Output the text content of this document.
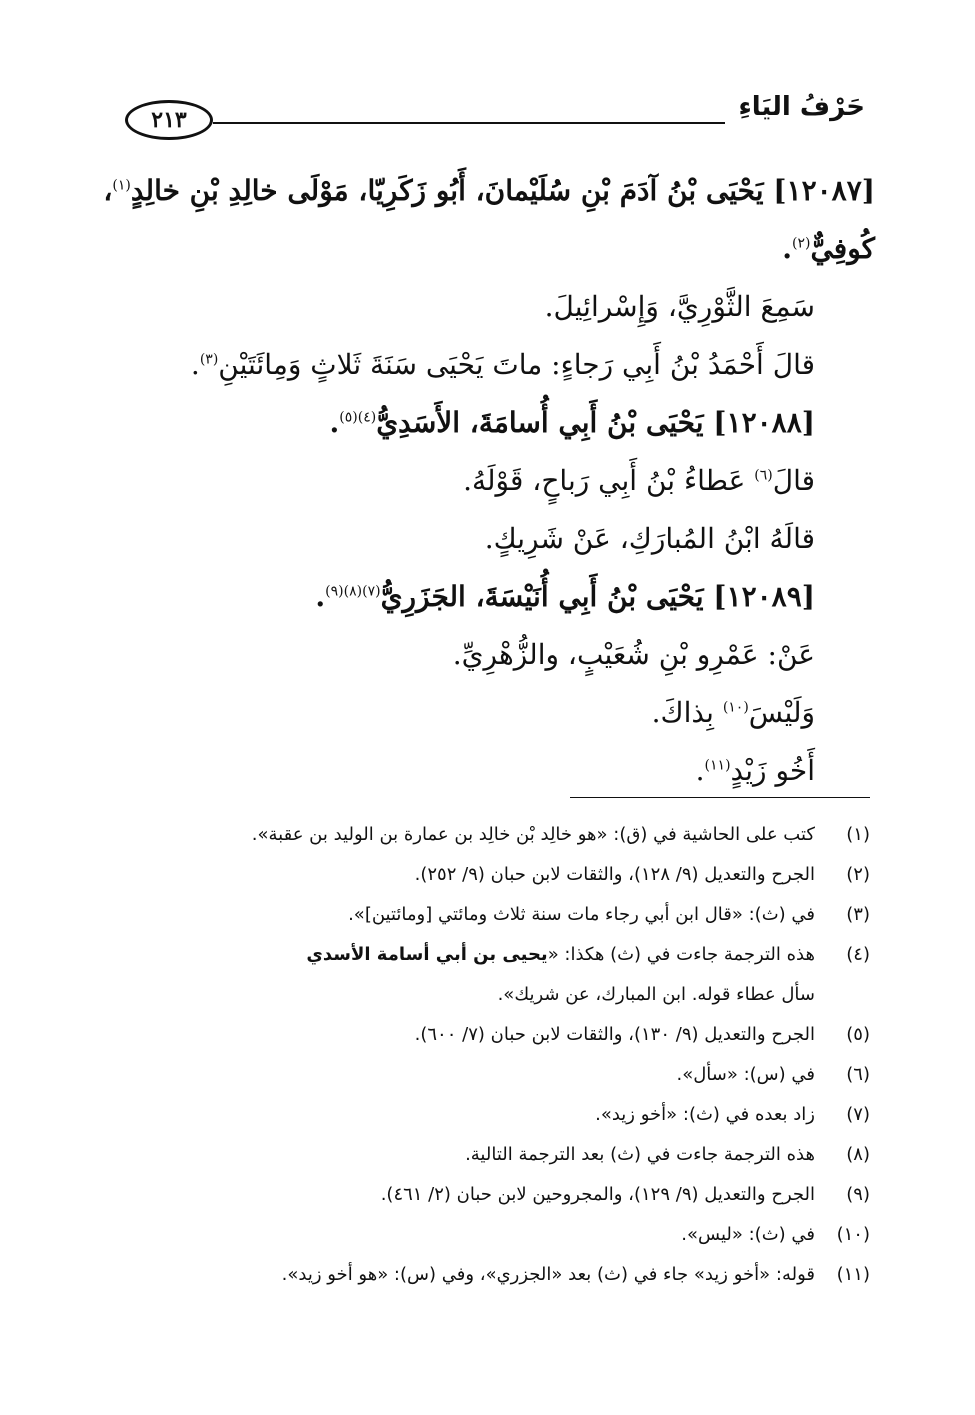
٢١٣	حَرْفُ اليَاءِ
[١٢٠٨٧] يَحْيَى بْنُ آدَمَ بْنِ سُلَيْمانَ، أَبُو زَكَرِيّا، مَوْلَى خالِدِ بْنِ خالِدٍ$^{(١)}$،
كُوفِيٌّ$^{(٢)}$.
سَمِعَ الثَّوْرِيَّ، وَإِسْرائِيلَ.
قالَ أَحْمَدُ بْنُ أَبِي رَجاءٍ: ماتَ يَحْيَى سَنَةَ ثَلاثٍ وَمِائَتَيْنِ$^{(٣)}$.
[١٢٠٨٨] يَحْيَى بْنُ أَبِي أُسامَةَ، الأَسَدِيُّ$^{(٤)(٥)}$.
قالَ$^{(٦)}$ عَطاءُ بْنُ أَبِي رَباحٍ، قَوْلَهُ.
قالَهُ ابْنُ المُبارَكِ، عَنْ شَرِيكٍ.
[١٢٠٨٩] يَحْيَى بْنُ أَبِي أُنَيْسَةَ، الجَزَرِيُّ$^{(٧)(٨)(٩)}$.
عَنْ: عَمْرِو بْنِ شُعَيْبٍ، والزُّهْرِيِّ.
وَلَيْسَ$^{(١٠)}$ بِذاكَ.
أَخُو زَيْدٍ$^{(١١)}$.
(١)
كتب على الحاشية في (ق): «هو خالِد بْن خالِد بن عمارة بن الوليد بن عقبة».
(٢)
الجرح والتعديل (٩/ ١٢٨)، والثقات لابن حبان (٩/ ٢٥٢).
(٣)
في (ث): «قال ابن أبي رجاء مات سنة ثلاث ومائتي [ومائتين]».
(٤)
هذه الترجمة جاءت في (ث) هكذا: «يحيى بن أبي أسامة الأسدي
سأل عطاء قوله. ابن المبارك، عن شريك».
(٥)
الجرح والتعديل (٩/ ١٣٠)، والثقات لابن حبان (٧/ ٦٠٠).
(٦)
في (س): «سأل».
(٧)
زاد بعده في (ث): «أخو زيد».
(٨)
هذه الترجمة جاءت في (ث) بعد الترجمة التالية.
(٩)
الجرح والتعديل (٩/ ١٢٩)، والمجروحين لابن حبان (٢/ ٤٦١).
(١٠)
في (ث): «ليس».
(١١)
قوله: «أخو زيد» جاء في (ث) بعد «الجزري»، وفي (س): «هو أخو زيد».
